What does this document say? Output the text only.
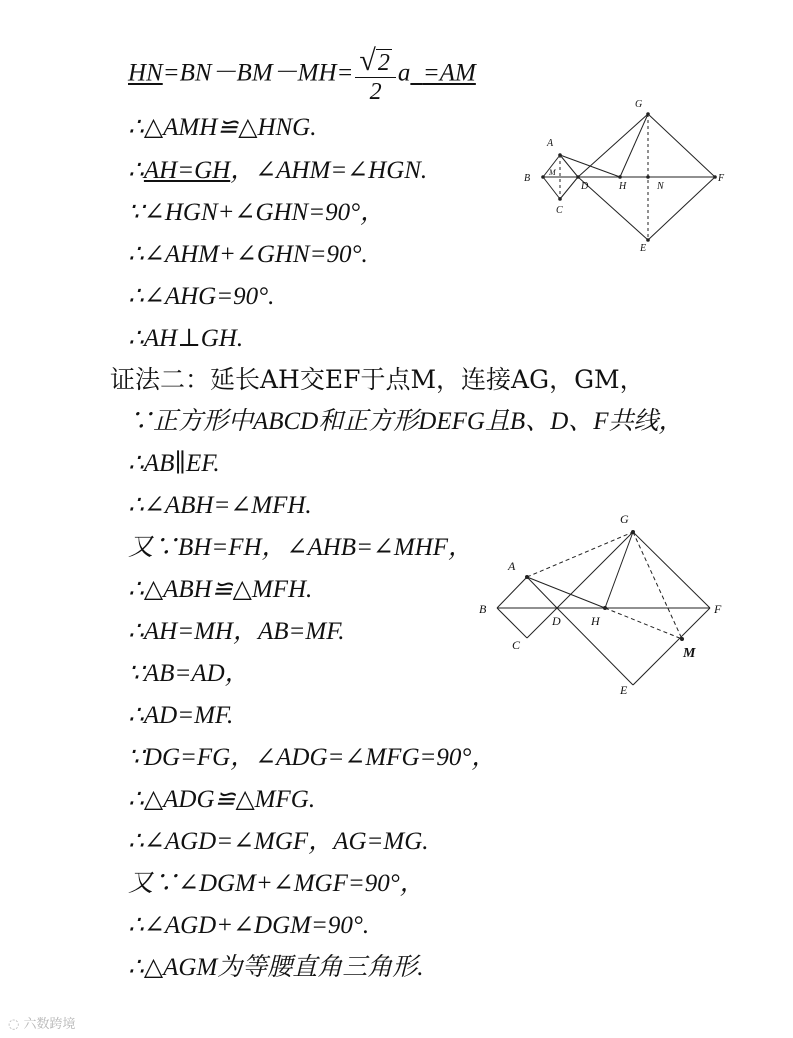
$HN=BN-BM-MH= \frac{√2}{2}$ a =AM
∴△AMH≌△HNG.
∴AH=GH，∠AHM=∠HGN.
∵∠HGN+∠GHN=90°，
∴∠AHM+∠GHN=90°.
∴∠AHG=90°.
∴AH⊥GH.
证法二：延长AH交EF于点M，连接AG，GM，
∵正方形中ABCD和正方形DEFG且B、D、F共线，
∴AB∥EF.
∴∠ABH=∠MFH.
又∵BH=FH，∠AHB=∠MHF，
∴△ABH≌△MFH.
∴AH=MH，AB=MF.
∵AB=AD，
∴AD=MF.
∵DG=FG，∠ADG=∠MFG=90°，
∴△ADG≌△MFG.
∴∠AGD=∠MGF，AG=MG.
又∵∠DGM+∠MGF=90°，
∴∠AGD+∠DGM=90°.
∴△AGM为等腰直角三角形.
A
B
M
C
D	H	N
F
G
E
A
B
C
D	H
F
G
E
M
◌ 六数跨境
